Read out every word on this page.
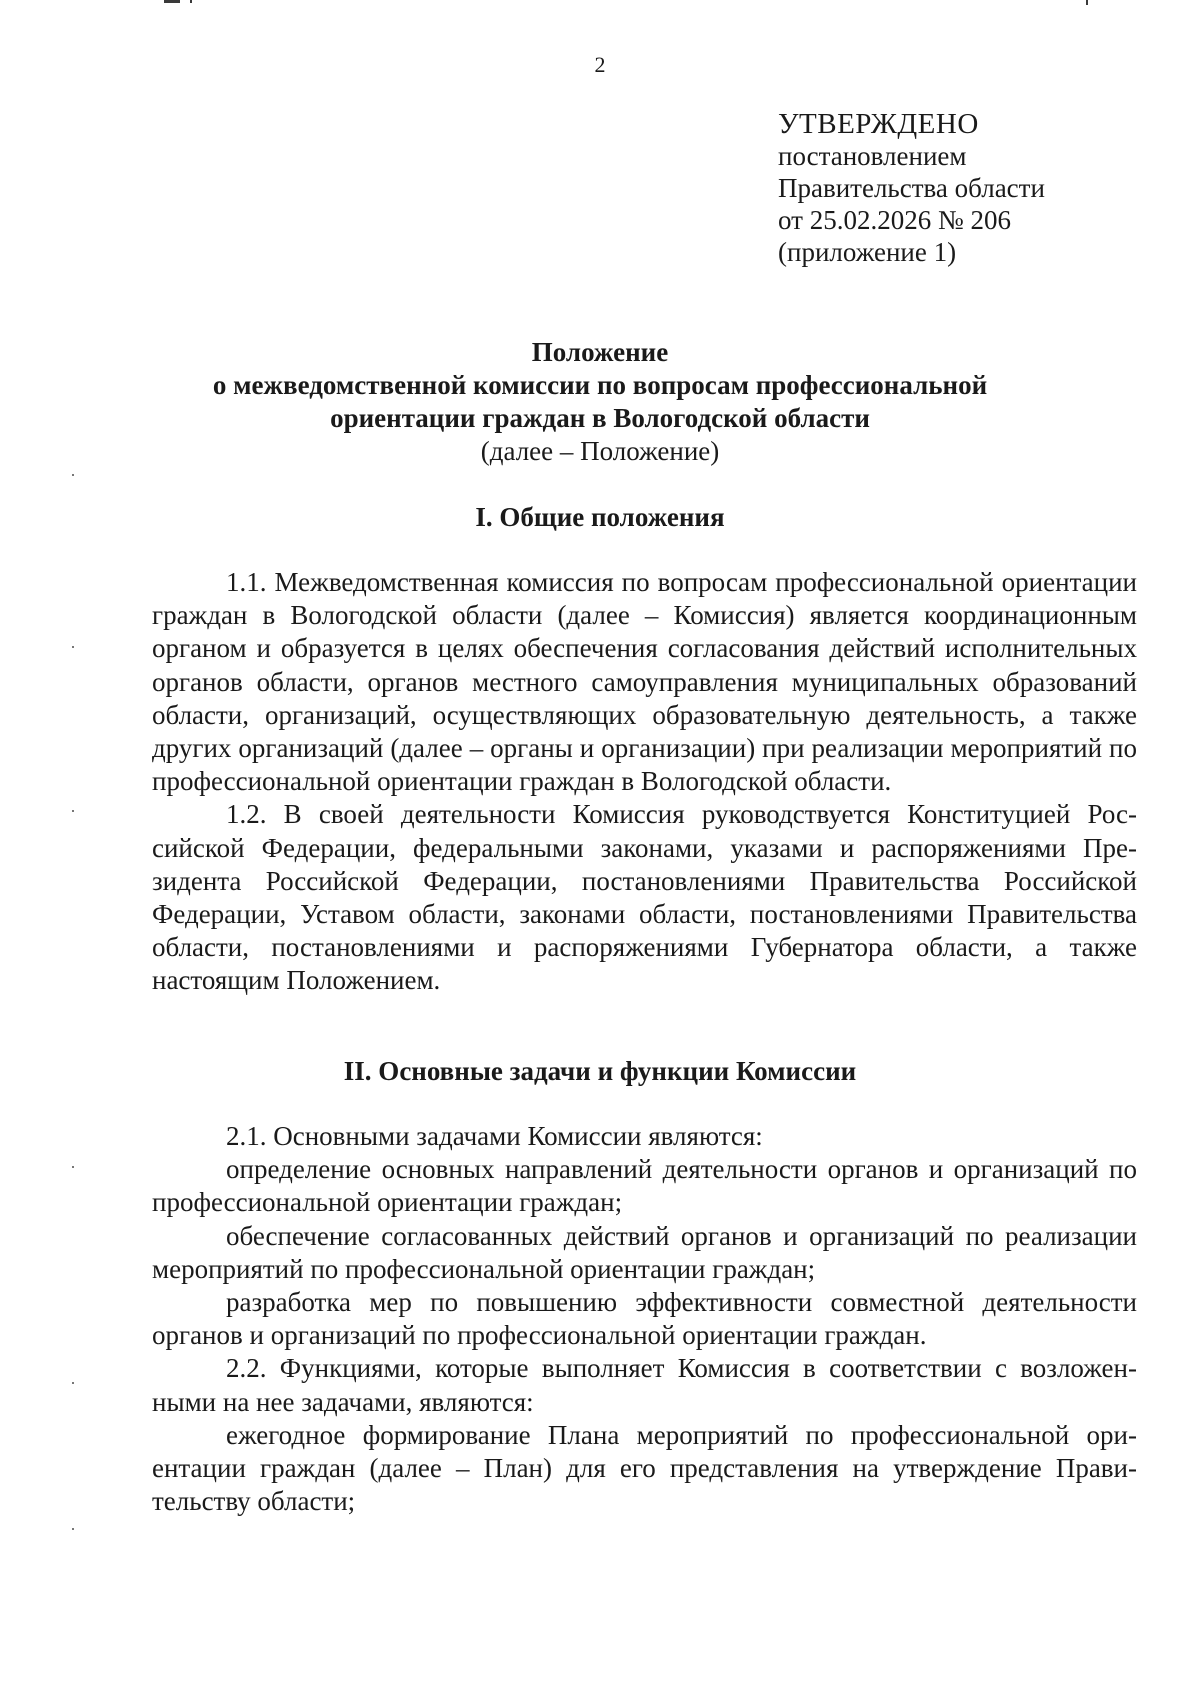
2
УТВЕРЖДЕНО
постановлением
Правительства области
от 25.02.2026 № 206
(приложение 1)
Положение
о межведомственной комиссии по вопросам профессиональной
ориентации граждан в Вологодской области
(далее – Положение)
I. Общие положения

1.1. Межведомственная комиссия по вопросам профессиональной ориентации граждан в Вологодской области (далее – Комиссия) является координационным органом и образуется в целях обеспечения согласования действий исполнительных органов области, органов местного самоуправления муниципальных образований области, организаций, осуществляющих образовательную деятельность, а также других организаций (далее – органы и организации) при реализации мероприятий по профессиональной ориентации граждан в Вологодской области.

1.2. В своей деятельности Комиссия руководствуется Конституцией Российской Федерации, федеральными законами, указами и распоряжениями Президента Российской Федерации, постановлениями Правительства Российской Федерации, Уставом области, законами области, постановлениями Правительства области, постановлениями и распоряжениями Губернатора области, а также настоящим Положением.

II. Основные задачи и функции Комиссии

2.1. Основными задачами Комиссии являются:

определение основных направлений деятельности органов и организаций по профессиональной ориентации граждан;

обеспечение согласованных действий органов и организаций по реализации мероприятий по профессиональной ориентации граждан;

разработка мер по повышению эффективности совместной деятельности органов и организаций по профессиональной ориентации граждан.

2.2. Функциями, которые выполняет Комиссия в соответствии с возложенными на нее задачами, являются:

ежегодное формирование Плана мероприятий по профессиональной ориентации граждан (далее – План) для его представления на утверждение Правительству области;
